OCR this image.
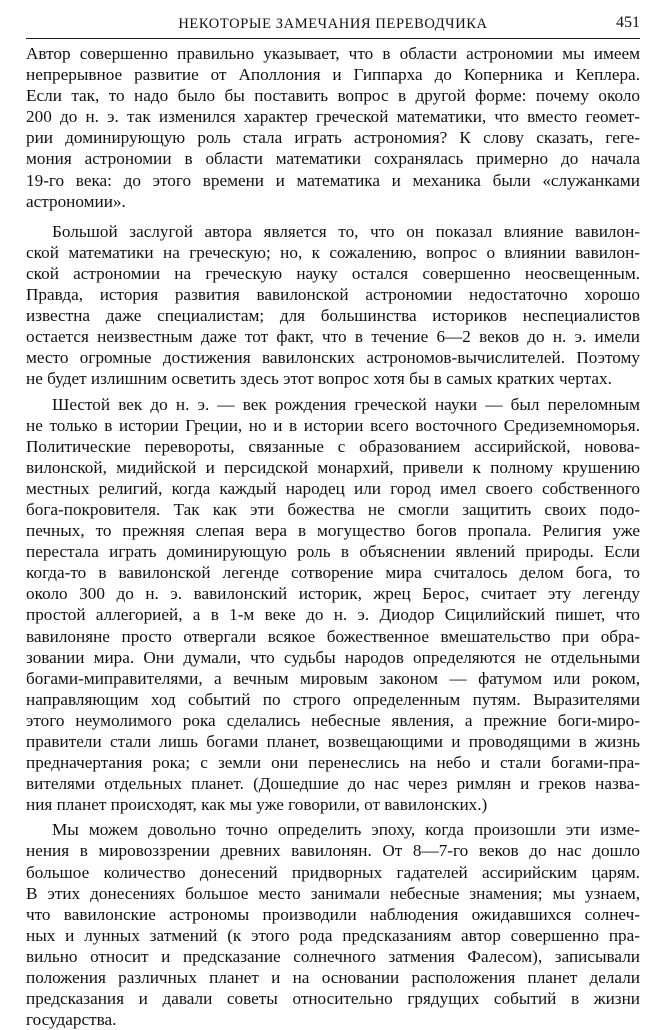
НЕКОТОРЫЕ ЗАМЕЧАНИЯ ПЕРЕВОДЧИКА	451
Автор совершенно правильно указывает, что в области астрономии мы имеем
непрерывное развитие от Аполлония и Гиппарха до Коперника и Кеплера.
Если так, то надо было бы поставить вопрос в другой форме: почему около
200 до н. э. так изменился характер греческой математики, что вместо геомет-
рии доминирующую роль стала играть астрономия? К слову сказать, геге-
мония астрономии в области математики сохранялась примерно до начала
19-го века: до этого времени и математика и механика были «служанками
астрономии».
Большой заслугой автора является то, что он показал влияние вавилон-
ской математики на греческую; но, к сожалению, вопрос о влиянии вавилон-
ской астрономии на греческую науку остался совершенно неосвещенным.
Правда, история развития вавилонской астрономии недостаточно хорошо
известна даже специалистам; для большинства историков неспециалистов
остается неизвестным даже тот факт, что в течение 6—2 веков до н. э. имели
место огромные достижения вавилонских астрономов-вычислителей. Поэтому
не будет излишним осветить здесь этот вопрос хотя бы в самых кратких чертах.
Шестой век до н. э. — век рождения греческой науки — был переломным
не только в истории Греции, но и в истории всего восточного Средиземноморья.
Политические перевороты, связанные с образованием ассирийской, новова-
вилонской, мидийской и персидской монархий, привели к полному крушению
местных религий, когда каждый народец или город имел своего собственного
бога-покровителя. Так как эти божества не смогли защитить своих подо-
печных, то прежняя слепая вера в могущество богов пропала. Религия уже
перестала играть доминирующую роль в объяснении явлений природы. Если
когда-то в вавилонской легенде сотворение мира считалось делом бога, то
около 300 до н. э. вавилонский историк, жрец Берос, считает эту легенду
простой аллегорией, а в 1-м веке до н. э. Диодор Сицилийский пишет, что
вавилоняне просто отвергали всякое божественное вмешательство при обра-
зовании мира. Они думали, что судьбы народов определяются не отдельными
богами-миправителями, а вечным мировым законом — фатумом или роком,
направляющим ход событий по строго определенным путям. Выразителями
этого неумолимого рока сделались небесные явления, а прежние боги-миро-
правители стали лишь богами планет, возвещающими и проводящими в жизнь
предначертания рока; с земли они перенеслись на небо и стали богами-пра-
вителями отдельных планет. (Дошедшие до нас через римлян и греков назва-
ния планет происходят, как мы уже говорили, от вавилонских.)
Мы можем довольно точно определить эпоху, когда произошли эти изме-
нения в мировоззрении древних вавилонян. От 8—7-го веков до нас дошло
большое количество донесений придворных гадателей ассирийским царям.
В этих донесениях большое место занимали небесные знамения; мы узнаем,
что вавилонские астрономы производили наблюдения ожидавшихся солнеч-
ных и лунных затмений (к этого рода предсказаниям автор совершенно пра-
вильно относит и предсказание солнечного затмения Фалесом), записывали
положения различных планет и на основании расположения планет делали
предсказания и давали советы относительно грядущих событий в жизни
государства.
